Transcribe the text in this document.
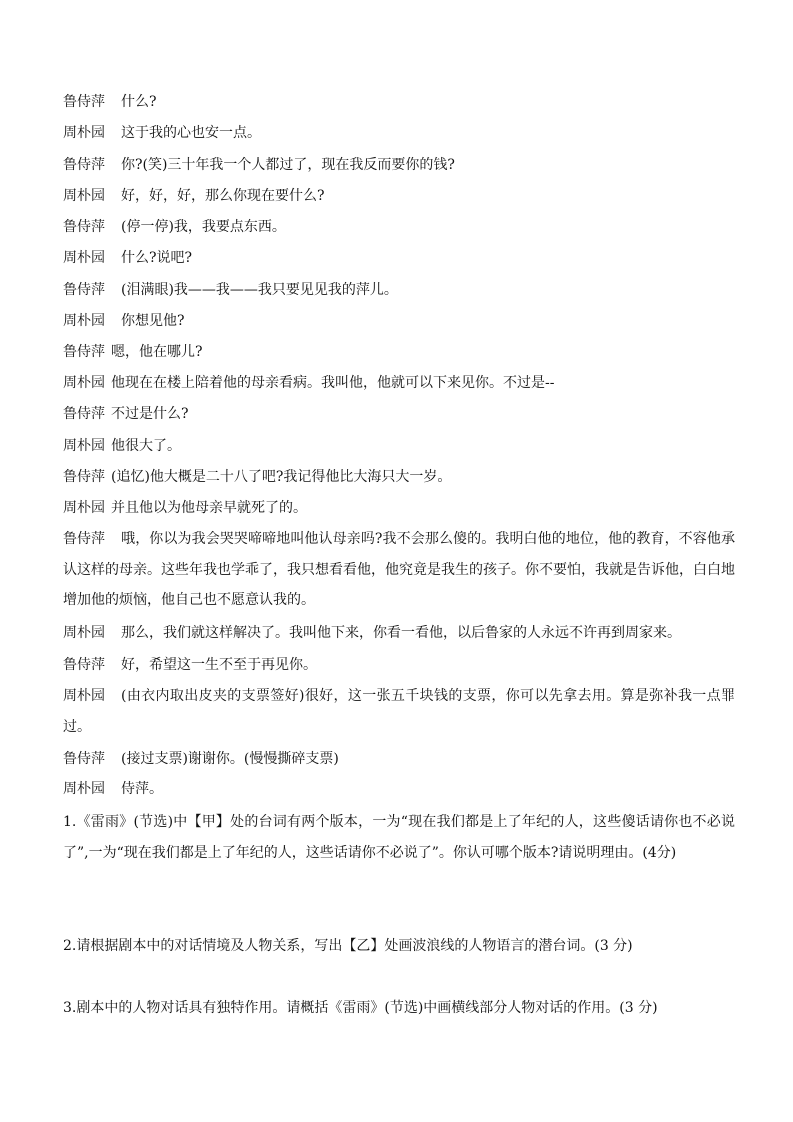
鲁侍萍 什么?
周朴园 这于我的心也安一点。
鲁侍萍 你?(笑)三十年我一个人都过了，现在我反而要你的钱?
周朴园 好，好，好，那么你现在要什么?
鲁侍萍 (停一停)我，我要点东西。
周朴园 什么?说吧?
鲁侍萍 (泪满眼)我——我——我只要见见我的萍儿。
周朴园 你想见他?
鲁侍萍 嗯，他在哪儿?
周朴园 他现在在楼上陪着他的母亲看病。我叫他，他就可以下来见你。不过是--
鲁侍萍 不过是什么?
周朴园 他很大了。
鲁侍萍 (追忆)他大概是二十八了吧?我记得他比大海只大一岁。
周朴园 并且他以为他母亲早就死了的。
鲁侍萍 哦，你以为我会哭哭啼啼地叫他认母亲吗?我不会那么傻的。我明白他的地位，他的教育，不容他承认这样的母亲。这些年我也学乖了，我只想看看他，他究竟是我生的孩子。你不要怕，我就是告诉他，白白地增加他的烦恼，他自己也不愿意认我的。
周朴园 那么，我们就这样解决了。我叫他下来，你看一看他，以后鲁家的人永远不许再到周家来。
鲁侍萍 好，希望这一生不至于再见你。
周朴园 (由衣内取出皮夹的支票签好)很好，这一张五千块钱的支票，你可以先拿去用。算是弥补我一点罪过。
鲁侍萍 (接过支票)谢谢你。(慢慢撕碎支票)
周朴园 侍萍。
1.《雷雨》(节选)中【甲】处的台词有两个版本，一为“现在我们都是上了年纪的人，这些傻话请你也不必说了”,一为“现在我们都是上了年纪的人，这些话请你不必说了”。你认可哪个版本?请说明理由。(4分)
2.请根据剧本中的对话情境及人物关系，写出【乙】处画波浪线的人物语言的潜台词。(3 分)
3.剧本中的人物对话具有独特作用。请概括《雷雨》(节选)中画横线部分人物对话的作用。(3 分)
